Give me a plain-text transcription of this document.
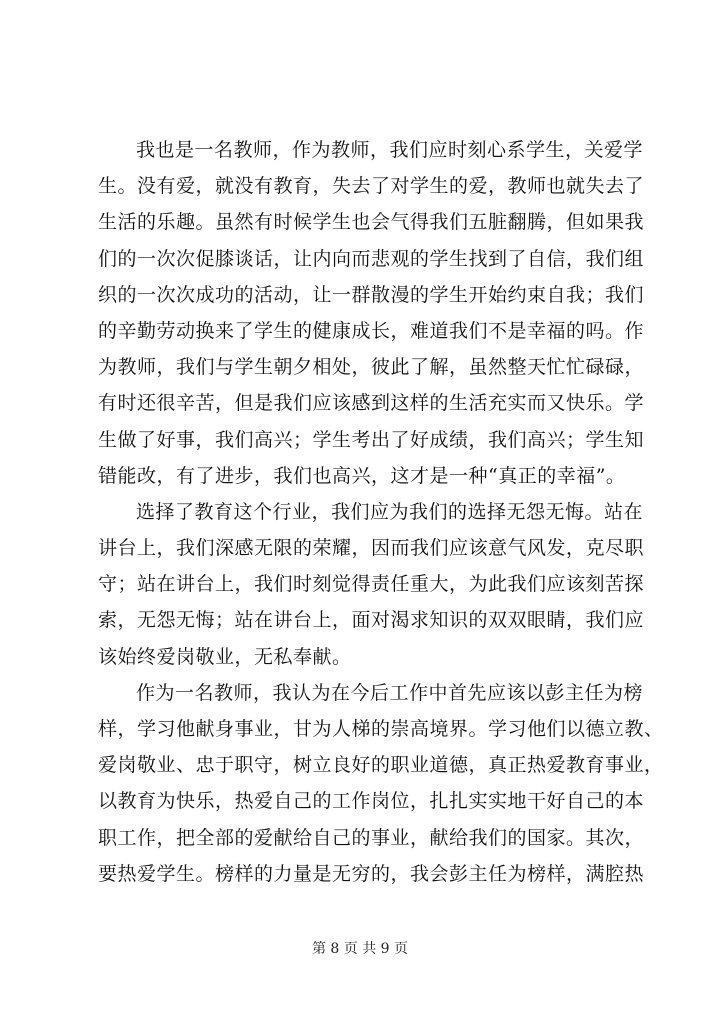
我也是一名教师，作为教师，我们应时刻心系学生，关爱学
生。没有爱，就没有教育，失去了对学生的爱，教师也就失去了
生活的乐趣。虽然有时候学生也会气得我们五脏翻腾，但如果我
们的一次次促膝谈话，让内向而悲观的学生找到了自信，我们组
织的一次次成功的活动，让一群散漫的学生开始约束自我；我们
的辛勤劳动换来了学生的健康成长，难道我们不是幸福的吗。作
为教师，我们与学生朝夕相处，彼此了解，虽然整天忙忙碌碌，
有时还很辛苦，但是我们应该感到这样的生活充实而又快乐。学
生做了好事，我们高兴；学生考出了好成绩，我们高兴；学生知
错能改，有了进步，我们也高兴，这才是一种“真正的幸福”。
选择了教育这个行业，我们应为我们的选择无怨无悔。站在
讲台上，我们深感无限的荣耀，因而我们应该意气风发，克尽职
守；站在讲台上，我们时刻觉得责任重大，为此我们应该刻苦探
索，无怨无悔；站在讲台上，面对渴求知识的双双眼睛，我们应
该始终爱岗敬业，无私奉献。
作为一名教师，我认为在今后工作中首先应该以彭主任为榜
样，学习他献身事业，甘为人梯的崇高境界。学习他们以德立教、
爱岗敬业、忠于职守，树立良好的职业道德，真正热爱教育事业，
以教育为快乐，热爱自己的工作岗位，扎扎实实地干好自己的本
职工作，把全部的爱献给自己的事业，献给我们的国家。其次，
要热爱学生。榜样的力量是无穷的，我会彭主任为榜样，满腔热
第 8 页 共 9 页
